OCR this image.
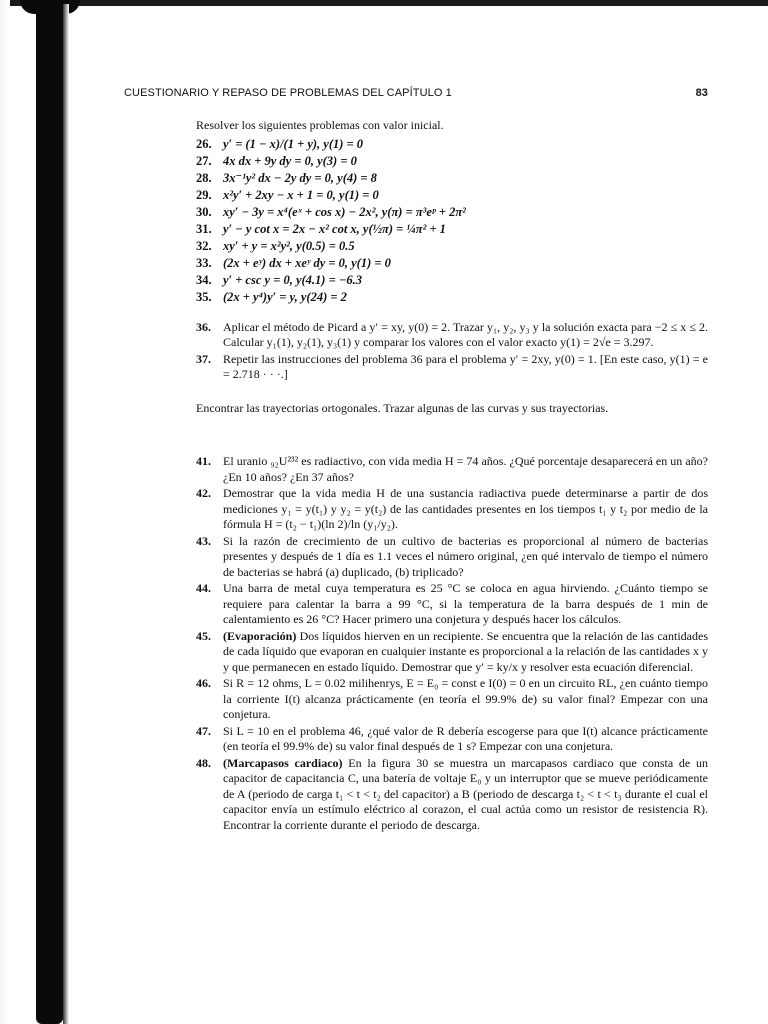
CUESTIONARIO Y REPASO DE PROBLEMAS DEL CAPÍTULO 1	83

Resolver los siguientes problemas con valor inicial.

26. y′ = (1 − x)/(1 + y), y(1) = 0
27. 4x dx + 9y dy = 0, y(3) = 0
28. 3x⁻¹y² dx − 2y dy = 0, y(4) = 8
29. x²y′ + 2xy − x + 1 = 0, y(1) = 0
30. xy′ − 3y = x⁴(eˣ + cos x) − 2x², y(π) = π³eᵖ + 2π²
31. y′ − y cot x = 2x − x² cot x, y(½π) = ¼π² + 1
32. xy′ + y = x²y², y(0.5) = 0.5
33. (2x + eʸ) dx + xeʸ dy = 0, y(1) = 0
34. y′ + csc y = 0, y(4.1) = −6.3
35. (2x + y⁴)y′ = y, y(24) = 2
36.	Aplicar el método de Picard a y′ = xy, y(0) = 2. Trazar y₁, y₂, y₃ y la solución exacta para −2 ≤ x ≤ 2. Calcular y₁(1), y₂(1), y₃(1) y comparar los valores con el valor exacto y(1) = 2√e = 3.297.
37.	Repetir las instrucciones del problema 36 para el problema y′ = 2xy, y(0) = 1. [En este caso, y(1) = e = 2.718 · · ·.]

Encontrar las trayectorias ortogonales. Trazar algunas de las curvas y sus trayectorias.

41.	El uranio ₉₂U²³² es radiactivo, con vida media H = 74 años. ¿Qué porcentaje desaparecerá en un año? ¿En 10 años? ¿En 37 años?
42.	Demostrar que la vida media H de una sustancia radiactiva puede determinarse a partir de dos mediciones y₁ = y(t₁) y y₂ = y(t₂) de las cantidades presentes en los tiempos t₁ y t₂ por medio de la fórmula H = (t₂ − t₁)(ln 2)/ln (y₁/y₂).
43.	Si la razón de crecimiento de un cultivo de bacterias es proporcional al número de bacterias presentes y después de 1 día es 1.1 veces el número original, ¿en qué intervalo de tiempo el número de bacterias se habrá (a) duplicado, (b) triplicado?
44.	Una barra de metal cuya temperatura es 25 °C se coloca en agua hirviendo. ¿Cuánto tiempo se requiere para calentar la barra a 99 °C, si la temperatura de la barra después de 1 min de calentamiento es 26 °C? Hacer primero una conjetura y después hacer los cálculos.
45.	(Evaporación) Dos líquidos hierven en un recipiente. Se encuentra que la relación de las cantidades de cada líquido que evaporan en cualquier instante es proporcional a la relación de las cantidades x y y que permanecen en estado líquido. Demostrar que y′ = ky/x y resolver esta ecuación diferencial.
46.	Si R = 12 ohms, L = 0.02 milihenrys, E = E₀ = const e I(0) = 0 en un circuito RL, ¿en cuánto tiempo la corriente I(t) alcanza prácticamente (en teoría el 99.9% de) su valor final? Empezar con una conjetura.
47.	Si L = 10 en el problema 46, ¿qué valor de R debería escogerse para que I(t) alcance prácticamente (en teoría el 99.9% de) su valor final después de 1 s? Empezar con una conjetura.
48.	(Marcapasos cardiaco) En la figura 30 se muestra un marcapasos cardiaco que consta de un capacitor de capacitancia C, una batería de voltaje E₀ y un interruptor que se mueve periódicamente de A (periodo de carga t₁ < t < t₂ del capacitor) a B (periodo de descarga t₂ < t < t₃ durante el cual el capacitor envía un estímulo eléctrico al corazon, el cual actúa como un resistor de resistencia R). Encontrar la corriente durante el periodo de descarga.
